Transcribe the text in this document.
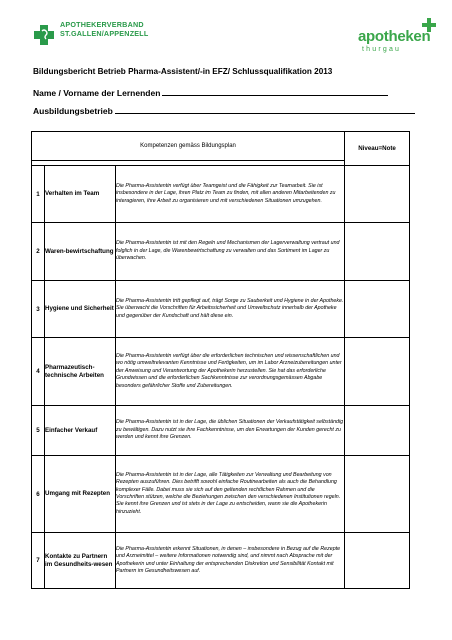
APOTHEKERVERBAND
ST.GALLEN/APPENZELL	apotheken
thurgau
Bildungsbericht Betrieb Pharma-Assistent/-in EFZ/ Schlussqualifikation 2013
Name / Vorname der Lernenden
Ausbildungsbetrieb
Kompetenzen gemäss Bildungsplan			Niveau=Note

1	Verhalten im Team	Die Pharma-Assistentin verfügt über Teamgeist und die Fähigkeit zur Teamarbeit. Sie ist insbesondere in der Lage, ihren Platz im Team zu finden, mit allen anderen Mitarbeitenden zu interagieren, ihre Arbeit zu organisieren und mit verschiedenen Situationen umzugehen.	
2	Waren-bewirtschaftung	Die Pharma-Assistentin ist mit den Regeln und Mechanismen der Lagerverwaltung vertraut und folglich in der Lage, die Warenbewirtschaftung zu verwalten und das Sortiment im Lager zu überwachen.	
3	Hygiene und Sicherheit	Die Pharma-Assistentin tritt gepflegt auf, trägt Sorge zu Sauberkeit und Hygiene in der Apotheke. Sie überwacht die Vorschriften für Arbeitssicherheit und Umweltschutz innerhalb der Apotheke und gegenüber der Kundschaft und hält diese ein.	
4	Pharmazeutisch-technische Arbeiten	Die Pharma-Assistentin verfügt über die erforderlichen technischen und wissenschaftlichen und wo nötig umweltrelevanten Kenntnisse und Fertigkeiten, um im Labor Arzneizubereitungen unter der Anweisung und Verantwortung der Apothekerin herzustellen. Sie hat das erforderliche Grundwissen und die erforderlichen Sachkenntnisse zur verordnungsgemässen Abgabe besonders gefährlicher Stoffe und Zubereitungen.	
5	Einfacher Verkauf	Die Pharma-Assistentin ist in der Lage, die üblichen Situationen der Verkaufstätigkeit selbständig zu bewältigen. Dazu nutzt sie ihre Fachkenntnisse, um den Erwartungen der Kunden gerecht zu werden und kennt ihre Grenzen.	
6	Umgang mit Rezepten	Die Pharma-Assistentin ist in der Lage, alle Tätigkeiten zur Verwaltung und Bearbeitung von Rezepten auszuführen. Dies betrifft sowohl einfache Routinearbeiten als auch die Behandlung komplexer Fälle. Dabei muss sie sich auf den geltenden rechtlichen Rahmen und die Vorschriften stützen, welche die Beziehungen zwischen den verschiedenen Institutionen regeln. Sie kennt ihre Grenzen und ist stets in der Lage zu entscheiden, wann sie die Apothekerin hinzuzieht.	
7	Kontakte zu Partnern im Gesundheits-wesen	Die Pharma-Assistentin erkennt Situationen, in denen – insbesondere in Bezug auf die Rezepte und Arzneimittel – weitere Informationen notwendig sind, und nimmt nach Absprache mit der Apothekerin und unter Einhaltung der entsprechenden Diskretion und Sensibilität Kontakt mit Partnern im Gesundheitswesen auf.	
